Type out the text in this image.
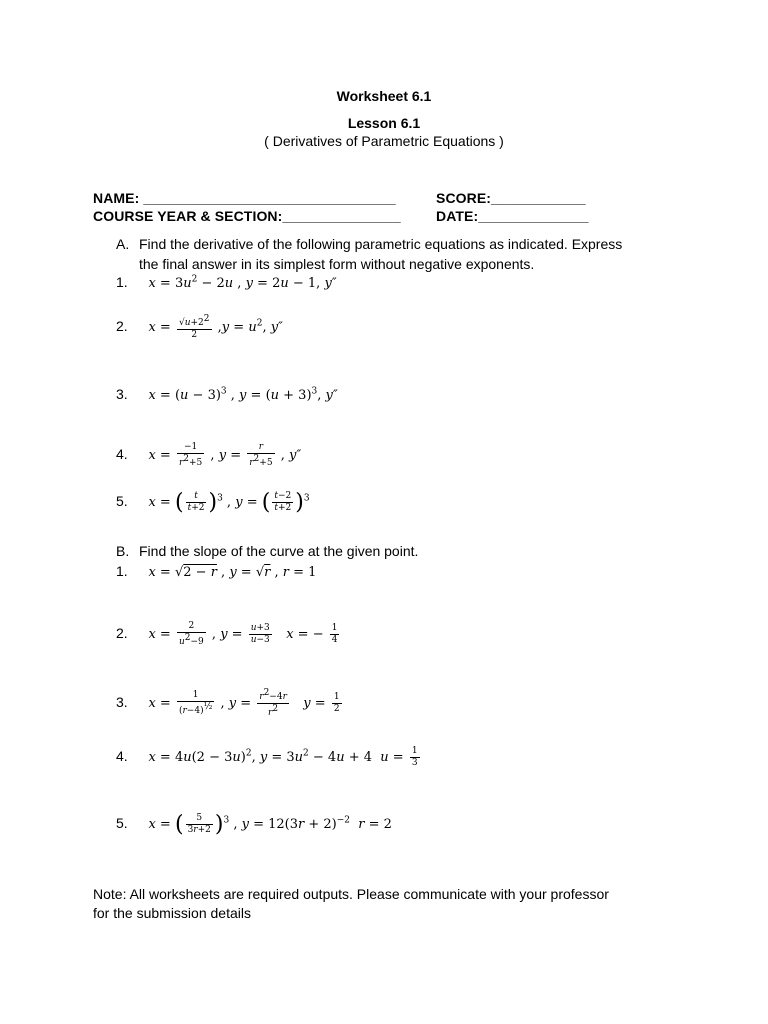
Worksheet 6.1
Lesson 6.1
( Derivatives of Parametric Equations )
NAME: ________________________________	SCORE:____________
COURSE YEAR & SECTION:_______________	DATE:______________
A. Find the derivative of the following parametric equations as indicated. Express
the final answer in its simplest form without negative exponents.
1. $x = 3u^2 - 2u$ , y = 2u − 1, y″
2. $x = \frac{√u+2^2}{2} ,y = u^2$, y″
3. $x = (u - 3)^3$ , $y = (u + 3)^3$, y″
4. $x = \frac{-1}{r^2+5}$ , $y = \frac{r}{r^2+5}$ , y″
5. x = ( $\frac{t}{t+2} )^3$ , y = ( $\frac{t-2}{t+2} )^3$
B. Find the slope of the curve at the given point.
1. x = √2 − r , y = √r , r = 1
2. $x = \frac{2}{u^2-9}$ , $y = \frac{u+3}{u-3}$ x = − $\frac{1}{4}$
3. $x = \frac{1}{(r-4)^{\frac{1}{2}}}$ , $y = \frac{r^2-4r}{r^2}$ $y = \frac{1}{2}$
4. $x = 4u(2 - 3u)^2$, $y = 3u^2 - 4u + 4$  $u = \frac{1}{3}$
5. x = ( $\frac{5}{3r+2} )^3$ , $y = 12(3r + 2)^{-2}$ r = 2
Note: All worksheets are required outputs. Please communicate with your professor
for the submission details
